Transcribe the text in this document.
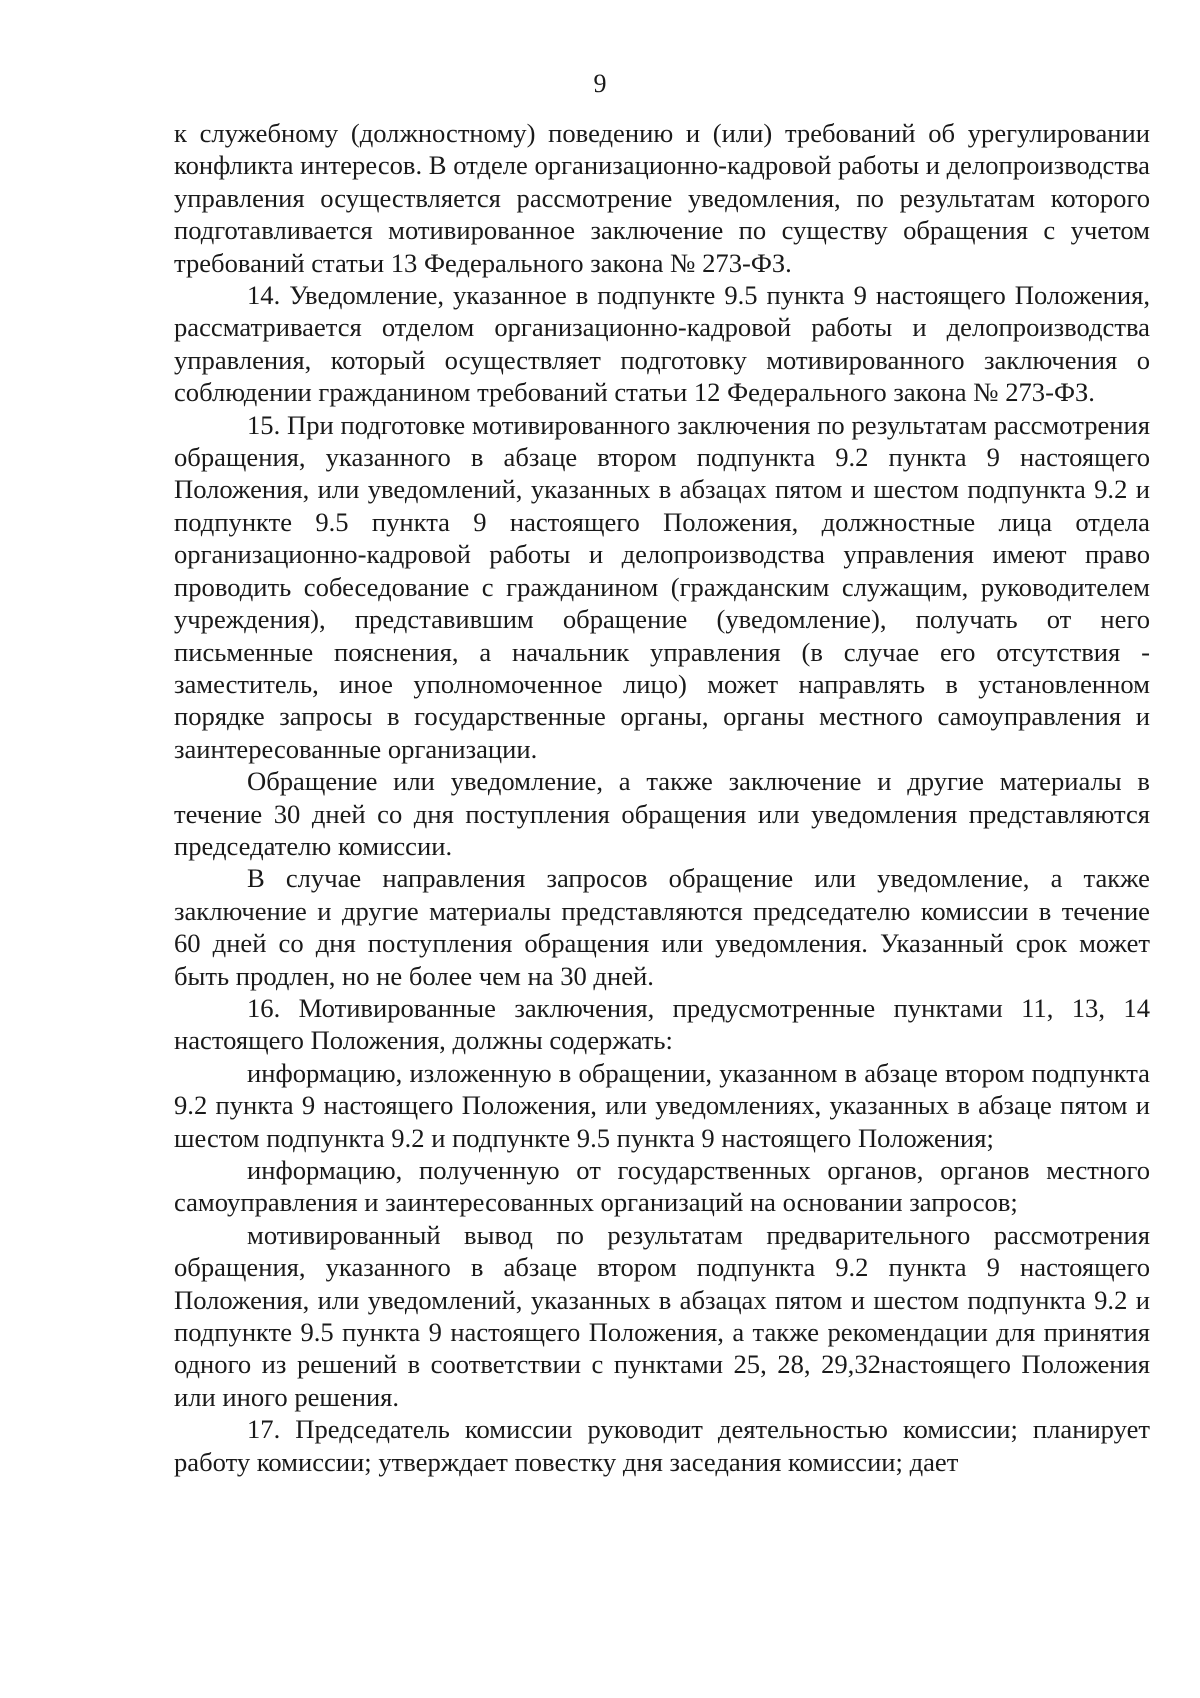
9

к служебному (должностному) поведению и (или) требований об урегулировании конфликта интересов. В отделе организационно-кадровой работы и делопроизводства управления осуществляется рассмотрение уведомления, по результатам которого подготавливается мотивированное заключение по существу обращения с учетом требований статьи 13 Федерального закона № 273-ФЗ.

14. Уведомление, указанное в подпункте 9.5 пункта 9 настоящего Положения, рассматривается отделом организационно-кадровой работы и делопроизводства управления, который осуществляет подготовку мотивированного заключения о соблюдении гражданином требований статьи 12 Федерального закона № 273-ФЗ.

15. При подготовке мотивированного заключения по результатам рассмотрения обращения, указанного в абзаце втором подпункта 9.2 пункта 9 настоящего Положения, или уведомлений, указанных в абзацах пятом и шестом подпункта 9.2 и подпункте 9.5 пункта 9 настоящего Положения, должностные лица отдела организационно-кадровой работы и делопроизводства управления имеют право проводить собеседование с гражданином (гражданским служащим, руководителем учреждения), представившим обращение (уведомление), получать от него письменные пояснения, а начальник управления (в случае его отсутствия - заместитель, иное уполномоченное лицо) может направлять в установленном порядке запросы в государственные органы, органы местного самоуправления и заинтересованные организации.

Обращение или уведомление, а также заключение и другие материалы в течение 30 дней со дня поступления обращения или уведомления представляются председателю комиссии.

В случае направления запросов обращение или уведомление, а также заключение и другие материалы представляются председателю комиссии в течение 60 дней со дня поступления обращения или уведомления. Указанный срок может быть продлен, но не более чем на 30 дней.

16. Мотивированные заключения, предусмотренные пунктами 11, 13, 14 настоящего Положения, должны содержать:

информацию, изложенную в обращении, указанном в абзаце втором подпункта 9.2 пункта 9 настоящего Положения, или уведомлениях, указанных в абзаце пятом и шестом подпункта 9.2 и подпункте 9.5 пункта 9 настоящего Положения;

информацию, полученную от государственных органов, органов местного самоуправления и заинтересованных организаций на основании запросов;

мотивированный вывод по результатам предварительного рассмотрения обращения, указанного в абзаце втором подпункта 9.2 пункта 9 настоящего Положения, или уведомлений, указанных в абзацах пятом и шестом подпункта 9.2 и подпункте 9.5 пункта 9 настоящего Положения, а также рекомендации для принятия одного из решений в соответствии с пунктами 25, 28, 29,32настоящего Положения или иного решения.

17. Председатель комиссии руководит деятельностью комиссии; планирует работу комиссии; утверждает повестку дня заседания комиссии; дает
